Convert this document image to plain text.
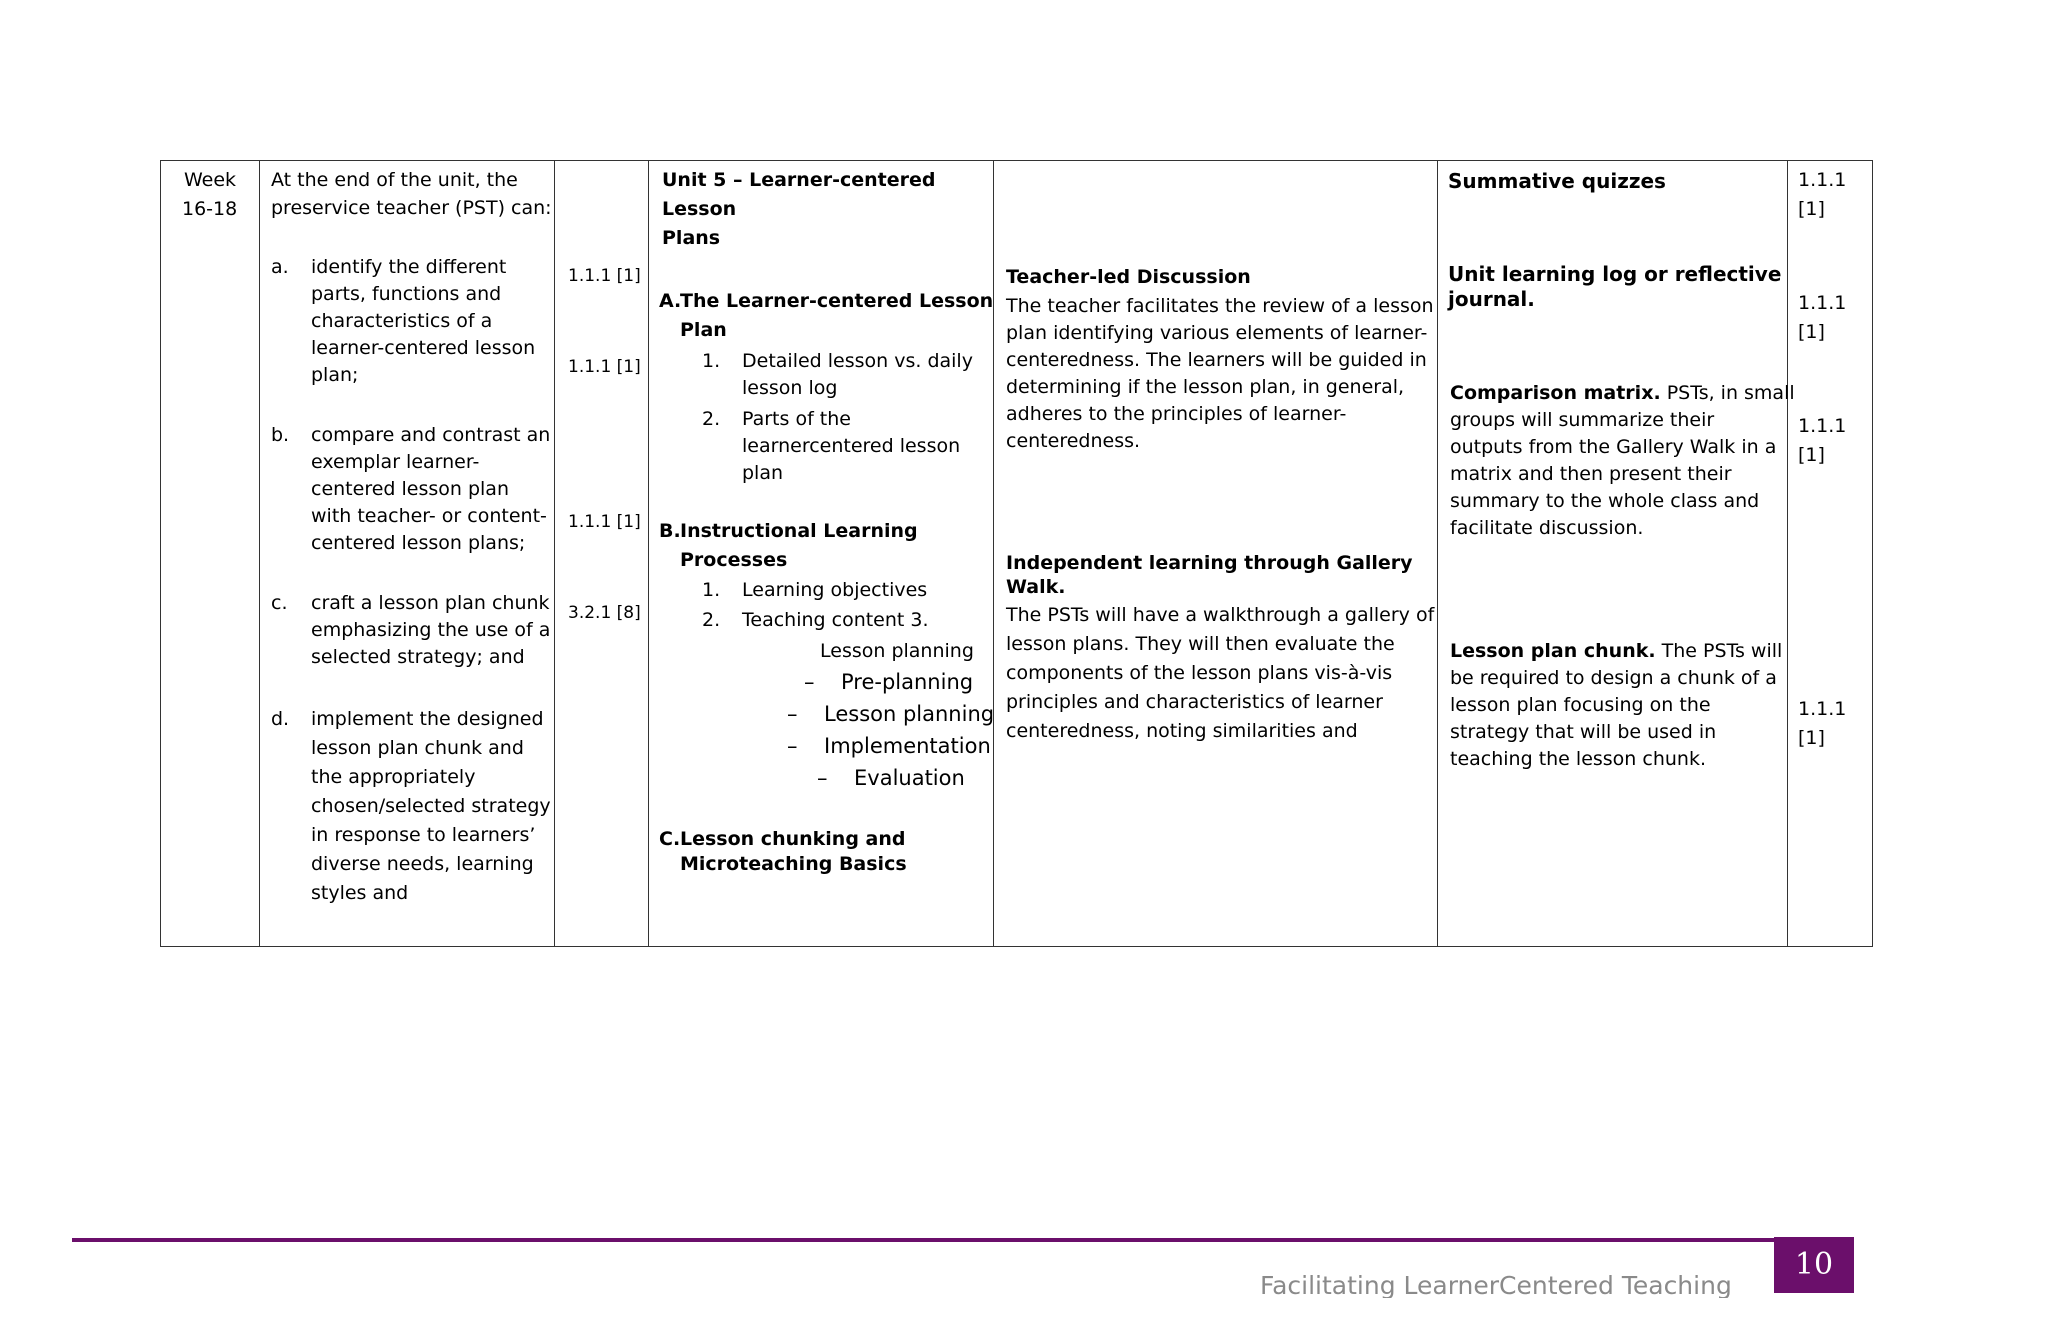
Week
16-18
At the end of the unit, the
preservice teacher (PST) can:
a. identify the different
parts, functions and
characteristics of a
learner-centered lesson
plan;
b. compare and contrast an
exemplar learner-
centered lesson plan
with teacher- or content-
centered lesson plans;
c. craft a lesson plan chunk
emphasizing the use of a
selected strategy; and
d. implement the designed
lesson plan chunk and
the appropriately
chosen/selected strategy
in response to learners’
diverse needs, learning
styles and
1.1.1 [1]
1.1.1 [1]
1.1.1 [1]
3.2.1 [8]
Unit 5 – Learner-centered
Lesson
Plans
A.
The Learner-centered Lesson
Plan
1. Detailed lesson vs. daily
lesson log
2. Parts of the
learnercentered lesson
plan
B. Instructional Learning
Processes
1. Learning objectives
2. Teaching content 3.
Lesson planning
– Pre-planning
– Lesson planning
– Implementation
– Evaluation
C. Lesson chunking and
Microteaching Basics
Teacher-led Discussion
The teacher facilitates the review of a lesson
plan identifying various elements of learner-
centeredness. The learners will be guided in
determining if the lesson plan, in general,
adheres to the principles of learner-
centeredness.
Independent learning through Gallery
Walk.
The PSTs will have a walkthrough a gallery of
lesson plans. They will then evaluate the
components of the lesson plans vis-à-vis
principles and characteristics of learner
centeredness, noting similarities and
Summative quizzes
Unit learning log or reflective
journal.
Comparison matrix. PSTs, in small
groups will summarize their
outputs from the Gallery Walk in a
matrix and then present their
summary to the whole class and
facilitate discussion.
Lesson plan chunk. The PSTs will
be required to design a chunk of a
lesson plan focusing on the
strategy that will be used in
teaching the lesson chunk.
1.1.1
[1]
1.1.1
[1]
1.1.1
[1]
1.1.1
[1]
Facilitating LearnerCentered Teaching
10
